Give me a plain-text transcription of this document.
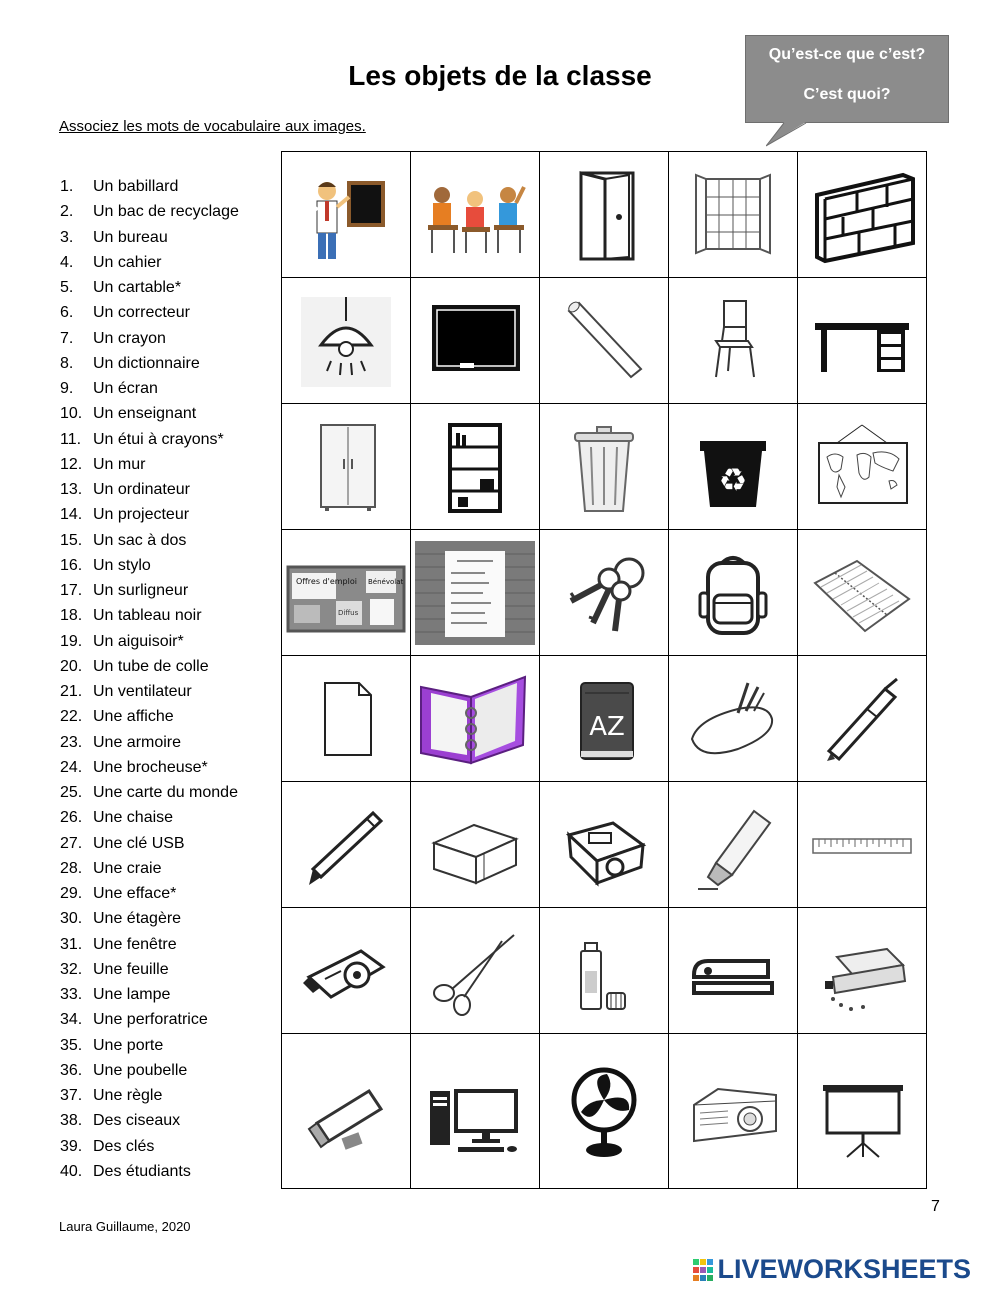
Les objets de la classe
Qu’est-ce que c’est?
C’est quoi?
Associez les mots de vocabulaire aux images.
1. Un babillard
2. Un bac de recyclage
3. Un bureau
4. Un cahier
5. Un cartable*
6. Un correcteur
7. Un crayon
8. Un dictionnaire
9. Un écran
10. Un enseignant
11. Un étui à crayons*
12. Un mur
13. Un ordinateur
14. Un projecteur
15. Un sac à dos
16. Un stylo
17. Un surligneur
18. Un tableau noir
19. Un aiguisoir*
20. Un tube de colle
21. Un ventilateur
22. Une affiche
23. Une armoire
24. Une brocheuse*
25. Une carte du monde
26. Une chaise
27. Une clé USB
28. Une craie
29. Une efface*
30. Une étagère
31. Une fenêtre
32. Une feuille
33. Une lampe
34. Une perforatrice
35. Une porte
36. Une poubelle
37. Une règle
38. Des ciseaux
39. Des clés
40. Des étudiants

♻

Offres d'emploi Bénévolat
Diffus

AZ

7
Laura Guillaume, 2020
LIVEWORKSHEETS
